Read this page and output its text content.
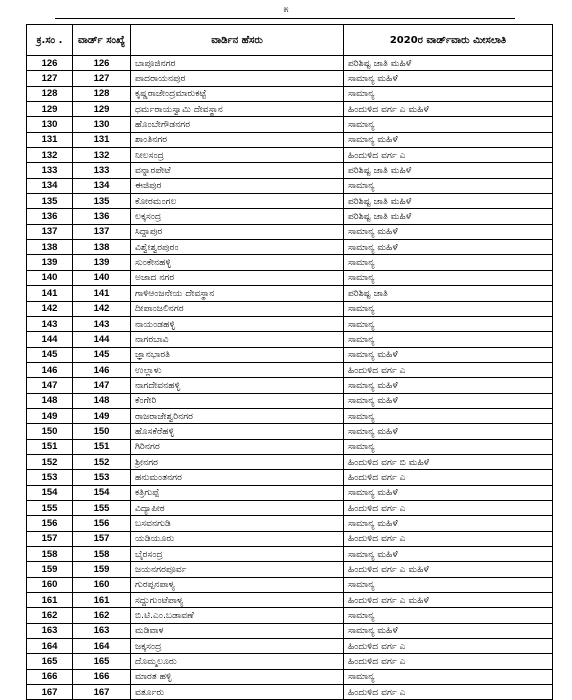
೫
ಕ್ರ.ಸಂ .	ವಾರ್ಡ್ ಸಂಖ್ಯೆ	ವಾರ್ಡಿನ ಹೆಸರು	2020ರ ವಾರ್ಡ್‌ವಾರು ಮೀಸಲಾತಿ
126	126	ಬಾಪೂಜಿನಗರ	ಪರಿಶಿಷ್ಟ ಜಾತಿ ಮಹಿಳೆ
127	127	ಪಾದರಾಯನಪುರ	ಸಾಮಾನ್ಯ ಮಹಿಳೆ
128	128	ಕೃಷ್ಣರಾಜೇಂದ್ರಮಾರುಕಟ್ಟೆ	ಸಾಮಾನ್ಯ
129	129	ಧರ್ಮರಾಯಸ್ವಾಮಿ ದೇವಸ್ಥಾನ	ಹಿಂದುಳಿದ ವರ್ಗ ಎ ಮಹಿಳೆ
130	130	ಹೊಂಬೇಗೌಡನಗರ	ಸಾಮಾನ್ಯ
131	131	ಶಾಂತಿನಗರ	ಸಾಮಾನ್ಯ ಮಹಿಳೆ
132	132	ನೀಲಸಂದ್ರ	ಹಿಂದುಳಿದ ವರ್ಗ ಎ
133	133	ವನ್ನಾರಪೇಟೆ	ಪರಿಶಿಷ್ಟ ಜಾತಿ ಮಹಿಳೆ
134	134	ಈಜಿಪುರ	ಸಾಮಾನ್ಯ
135	135	ಕೋರಮಂಗಲ	ಪರಿಶಿಷ್ಟ ಜಾತಿ ಮಹಿಳೆ
136	136	ಲಕ್ಕಸಂದ್ರ	ಪರಿಶಿಷ್ಟ ಜಾತಿ ಮಹಿಳೆ
137	137	ಸಿದ್ದಾಪುರ	ಸಾಮಾನ್ಯ ಮಹಿಳೆ
138	138	ವಿಶ್ವೇಶ್ವರಪುರಂ	ಸಾಮಾನ್ಯ ಮಹಿಳೆ
139	139	ಸುಂಕೇನಹಳ್ಳಿ	ಸಾಮಾನ್ಯ
140	140	ಅಜಾದ ನಗರ	ಸಾಮಾನ್ಯ
141	141	ಗಾಳಿಆಂಜನೇಯ ದೇವಸ್ಥಾನ	ಪರಿಶಿಷ್ಟ ಜಾತಿ
142	142	ದೀಪಾಂಜಲಿನಗರ	ಸಾಮಾನ್ಯ
143	143	ನಾಯಂಡಹಳ್ಳಿ	ಸಾಮಾನ್ಯ
144	144	ನಾಗರಬಾವಿ	ಸಾಮಾನ್ಯ
145	145	ಜ್ಞಾನಭಾರತಿ	ಸಾಮಾನ್ಯ ಮಹಿಳೆ
146	146	ಉಲ್ಲಾಳು	ಹಿಂದುಳಿದ ವರ್ಗ ಎ
147	147	ನಾಗದೇವನಹಳ್ಳಿ	ಸಾಮಾನ್ಯ ಮಹಿಳೆ
148	148	ಕೆಂಗೇರಿ	ಸಾಮಾನ್ಯ ಮಹಿಳೆ
149	149	ರಾಜರಾಜೇಶ್ವರಿನಗರ	ಸಾಮಾನ್ಯ
150	150	ಹೊಸಕೆರೆಹಳ್ಳಿ	ಸಾಮಾನ್ಯ ಮಹಿಳೆ
151	151	ಗಿರಿನಗರ	ಸಾಮಾನ್ಯ
152	152	ಶ್ರೀನಗರ	ಹಿಂದುಳಿದ ವರ್ಗ ಬಿ ಮಹಿಳೆ
153	153	ಹನುಮಂತನಗರ	ಹಿಂದುಳಿದ ವರ್ಗ ಎ
154	154	ಕತ್ರಿಗುಪ್ಪೆ	ಸಾಮಾನ್ಯ ಮಹಿಳೆ
155	155	ವಿದ್ಯಾಪೀಠ	ಹಿಂದುಳಿದ ವರ್ಗ ಎ
156	156	ಬಸವನಗುಡಿ	ಸಾಮಾನ್ಯ ಮಹಿಳೆ
157	157	ಯಡಿಯೂರು	ಹಿಂದುಳಿದ ವರ್ಗ ಎ
158	158	ಬೈರಸಂದ್ರ	ಸಾಮಾನ್ಯ ಮಹಿಳೆ
159	159	ಜಯನಗರಪೂರ್ವ	ಹಿಂದುಳಿದ ವರ್ಗ ಎ ಮಹಿಳೆ
160	160	ಗುರಪ್ಪನಪಾಳ್ಯ	ಸಾಮಾನ್ಯ
161	161	ಸದ್ದುಗುಂಟೆಪಾಳ್ಯ	ಹಿಂದುಳಿದ ವರ್ಗ ಎ ಮಹಿಳೆ
162	162	ಬಿ.ಟಿ.ಎಂ.ಬಡಾವಣೆ	ಸಾಮಾನ್ಯ
163	163	ಮಡಿವಾಳ	ಸಾಮಾನ್ಯ ಮಹಿಳೆ
164	164	ಜಕ್ಕಸಂದ್ರ	ಹಿಂದುಳಿದ ವರ್ಗ ಎ
165	165	ದೊಮ್ಮಲೂರು	ಹಿಂದುಳಿದ ವರ್ಗ ಎ
166	166	ಮಾರತ ಹಳ್ಳಿ	ಸಾಮಾನ್ಯ
167	167	ವರ್ತೂರು	ಹಿಂದುಳಿದ ವರ್ಗ ಎ
